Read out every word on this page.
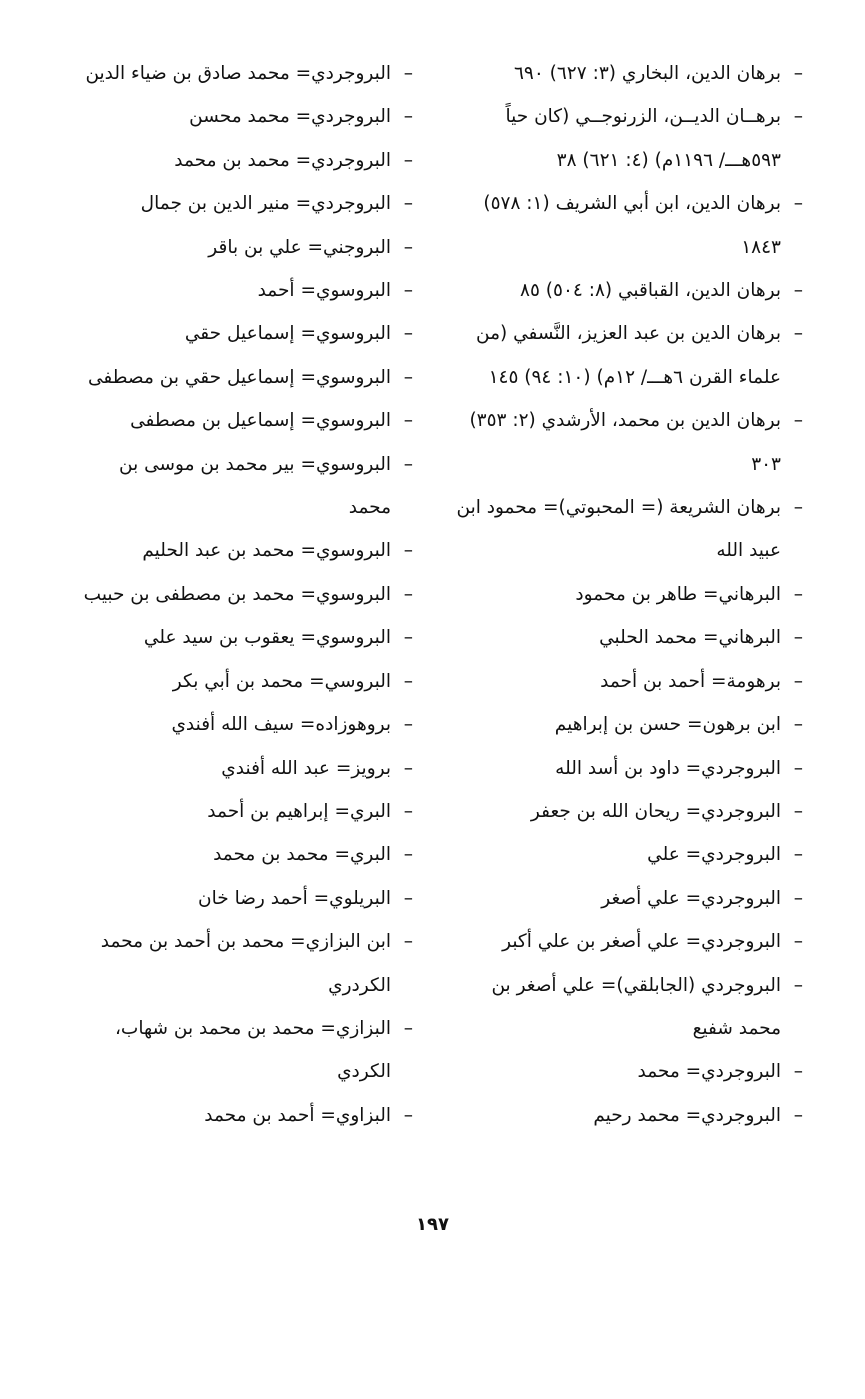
– برهان الدين، البخاري (٣: ٦٢٧) ٦٩٠
– برهــان الديــن، الزرنوجــي (كان حياً ٥٩٣هـــ/ ١١٩٦م) (٤: ٦٢١) ٣٨
– برهان الدين، ابن أبي الشريف (١: ٥٧٨) ١٨٤٣
– برهان الدين، القباقبي (٨: ٥٠٤) ٨٥
– برهان الدين بن عبد العزيز، النَّسفي (من علماء القرن ٦هـــ/ ١٢م) (١٠: ٩٤) ١٤٥
– برهان الدين بن محمد، الأرشدي (٢: ٣٥٣) ٣٠٣
– برهان الشريعة (= المحبوتي)= محمود ابن عبيد الله
– البرهاني= طاهر بن محمود
– البرهاني= محمد الحلبي
– برهومة= أحمد بن أحمد
– ابن برهون= حسن بن إبراهيم
– البروجردي= داود بن أسد الله
– البروجردي= ريحان الله بن جعفر
– البروجردي= علي
– البروجردي= علي أصغر
– البروجردي= علي أصغر بن علي أكبر
– البروجردي (الجابلقي)= علي أصغر بن محمد شفيع
– البروجردي= محمد
– البروجردي= محمد رحيم
– البروجردي= محمد صادق بن ضياء الدين
– البروجردي= محمد محسن
– البروجردي= محمد بن محمد
– البروجردي= منير الدين بن جمال
– البروجني= علي بن باقر
– البروسوي= أحمد
– البروسوي= إسماعيل حقي
– البروسوي= إسماعيل حقي بن مصطفى
– البروسوي= إسماعيل بن مصطفى
– البروسوي= بير محمد بن موسى بن محمد
– البروسوي= محمد بن عبد الحليم
– البروسوي= محمد بن مصطفى بن حبيب
– البروسوي= يعقوب بن سيد علي
– البروسي= محمد بن أبي بكر
– بروهوزاده= سيف الله أفندي
– برويز= عبد الله أفندي
– البري= إبراهيم بن أحمد
– البري= محمد بن محمد
– البريلوي= أحمد رضا خان
– ابن البزازي= محمد بن أحمد بن محمد الكردري
– البزازي= محمد بن محمد بن شهاب، الكردي
– البزاوي= أحمد بن محمد
١٩٧
